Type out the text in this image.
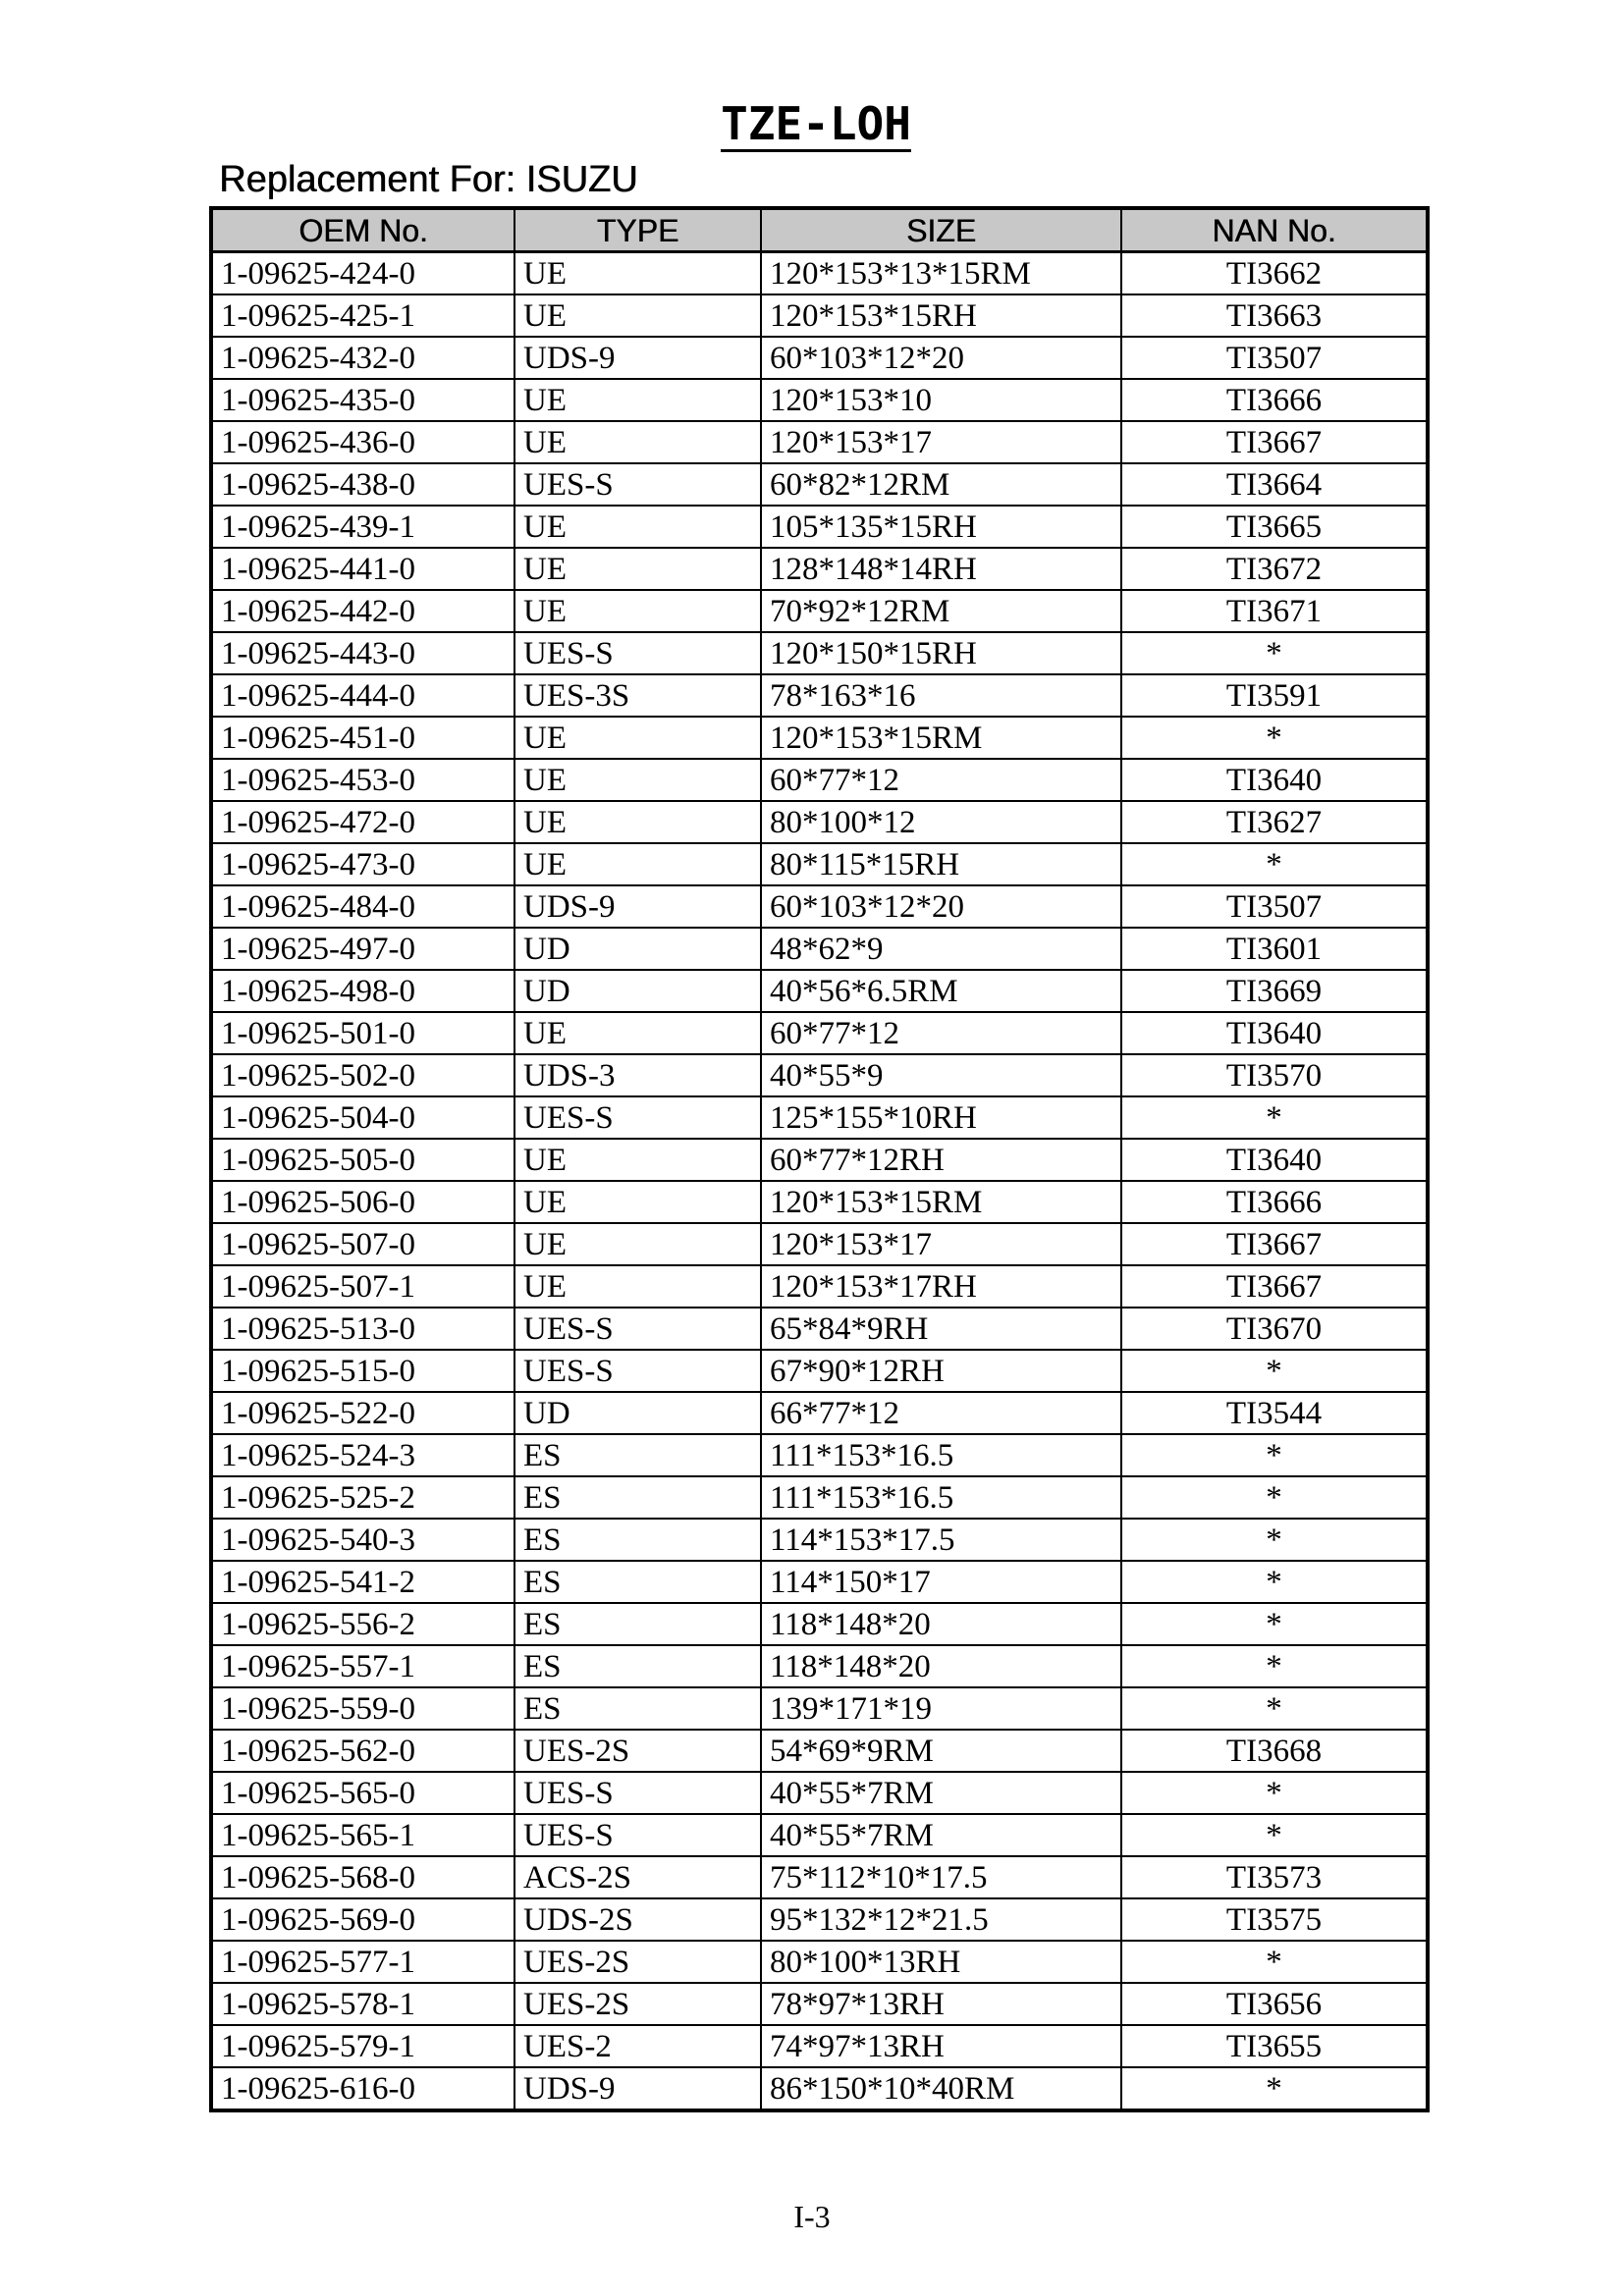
TZE-LOH
Replacement For: ISUZU
OEM No.	TYPE	SIZE	NAN No.
1-09625-424-0	UE	120*153*13*15RM	TI3662
1-09625-425-1	UE	120*153*15RH	TI3663
1-09625-432-0	UDS-9	60*103*12*20	TI3507
1-09625-435-0	UE	120*153*10	TI3666
1-09625-436-0	UE	120*153*17	TI3667
1-09625-438-0	UES-S	60*82*12RM	TI3664
1-09625-439-1	UE	105*135*15RH	TI3665
1-09625-441-0	UE	128*148*14RH	TI3672
1-09625-442-0	UE	70*92*12RM	TI3671
1-09625-443-0	UES-S	120*150*15RH	*
1-09625-444-0	UES-3S	78*163*16	TI3591
1-09625-451-0	UE	120*153*15RM	*
1-09625-453-0	UE	60*77*12	TI3640
1-09625-472-0	UE	80*100*12	TI3627
1-09625-473-0	UE	80*115*15RH	*
1-09625-484-0	UDS-9	60*103*12*20	TI3507
1-09625-497-0	UD	48*62*9	TI3601
1-09625-498-0	UD	40*56*6.5RM	TI3669
1-09625-501-0	UE	60*77*12	TI3640
1-09625-502-0	UDS-3	40*55*9	TI3570
1-09625-504-0	UES-S	125*155*10RH	*
1-09625-505-0	UE	60*77*12RH	TI3640
1-09625-506-0	UE	120*153*15RM	TI3666
1-09625-507-0	UE	120*153*17	TI3667
1-09625-507-1	UE	120*153*17RH	TI3667
1-09625-513-0	UES-S	65*84*9RH	TI3670
1-09625-515-0	UES-S	67*90*12RH	*
1-09625-522-0	UD	66*77*12	TI3544
1-09625-524-3	ES	111*153*16.5	*
1-09625-525-2	ES	111*153*16.5	*
1-09625-540-3	ES	114*153*17.5	*
1-09625-541-2	ES	114*150*17	*
1-09625-556-2	ES	118*148*20	*
1-09625-557-1	ES	118*148*20	*
1-09625-559-0	ES	139*171*19	*
1-09625-562-0	UES-2S	54*69*9RM	TI3668
1-09625-565-0	UES-S	40*55*7RM	*
1-09625-565-1	UES-S	40*55*7RM	*
1-09625-568-0	ACS-2S	75*112*10*17.5	TI3573
1-09625-569-0	UDS-2S	95*132*12*21.5	TI3575
1-09625-577-1	UES-2S	80*100*13RH	*
1-09625-578-1	UES-2S	78*97*13RH	TI3656
1-09625-579-1	UES-2	74*97*13RH	TI3655
1-09625-616-0	UDS-9	86*150*10*40RM	*
I-3
